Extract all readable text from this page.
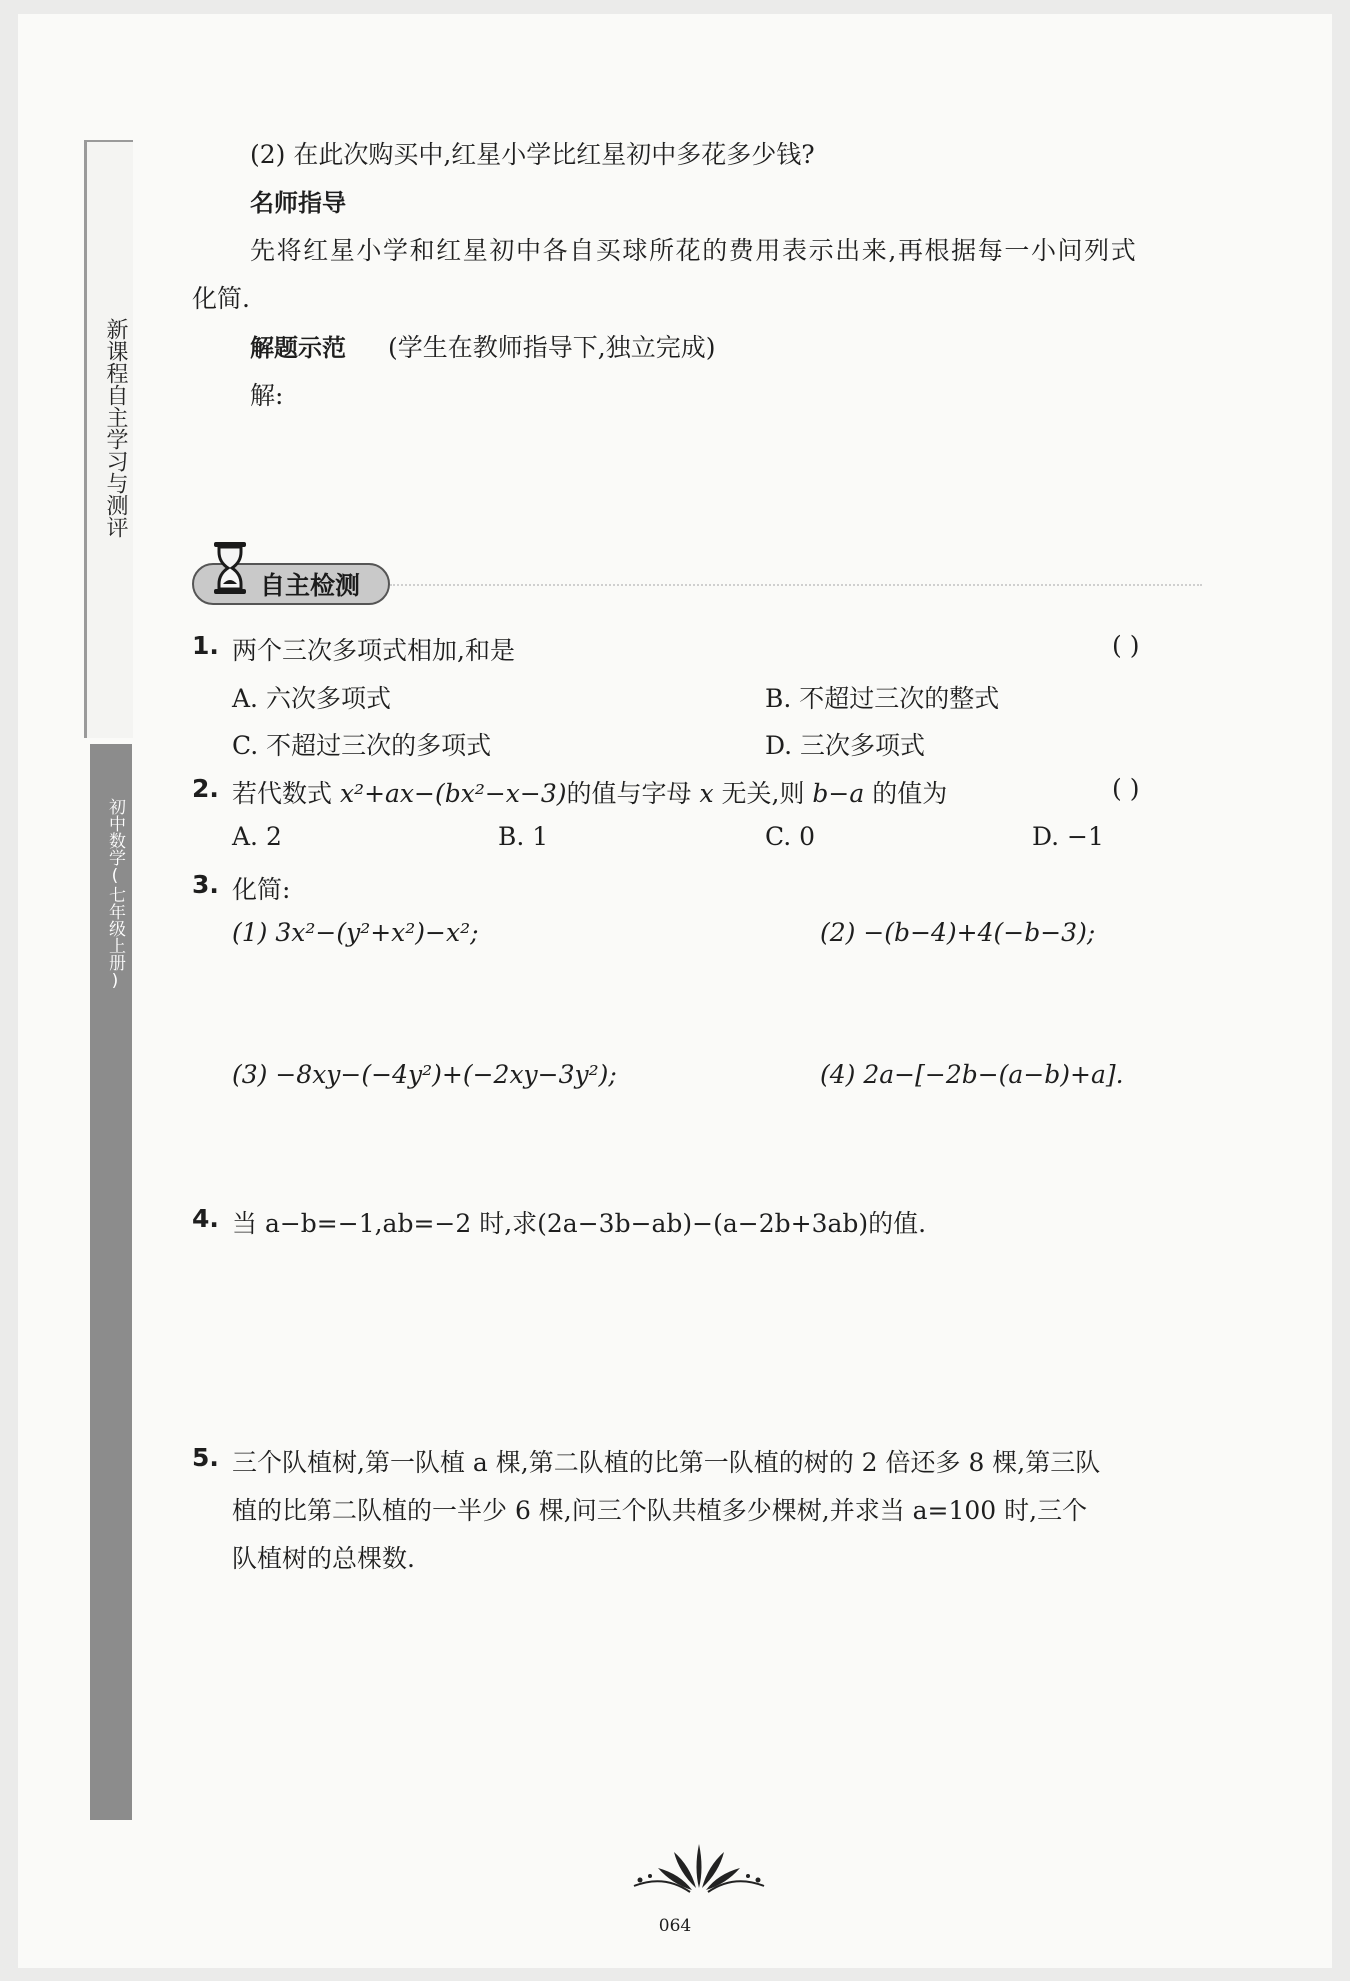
新课程自主学习与测评
初中数学(七年级上册)
(2) 在此次购买中,红星小学比红星初中多花多少钱?
名师指导
先将红星小学和红星初中各自买球所花的费用表示出来,再根据每一小问列式
化简.
解题示范 (学生在教师指导下,独立完成)
解:
自主检测
1. 两个三次多项式相加,和是	( )
A. 六次多项式	B. 不超过三次的整式
C. 不超过三次的多项式	D. 三次多项式
2. 若代数式 x²+ax−(bx²−x−3)的值与字母 x 无关,则 b−a 的值为	( )
A. 2	B. 1	C. 0	D. −1
3. 化简:
(1) 3x²−(y²+x²)−x²;	(2) −(b−4)+4(−b−3);
(3) −8xy−(−4y²)+(−2xy−3y²);	(4) 2a−[−2b−(a−b)+a].
4. 当 a−b=−1,ab=−2 时,求(2a−3b−ab)−(a−2b+3ab)的值.
5. 三个队植树,第一队植 a 棵,第二队植的比第一队植的树的 2 倍还多 8 棵,第三队
植的比第二队植的一半少 6 棵,问三个队共植多少棵树,并求当 a=100 时,三个
队植树的总棵数.
064
